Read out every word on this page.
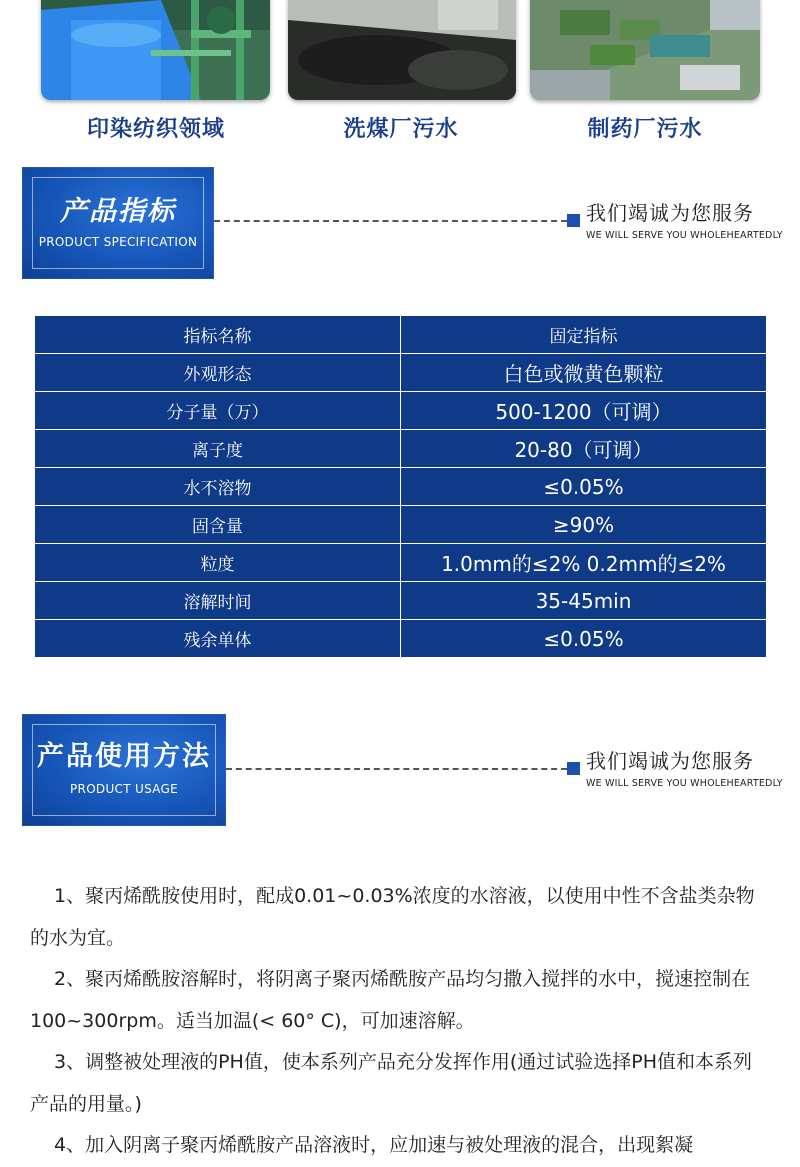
印染纺织领域	洗煤厂污水	制药厂污水
产品指标
PRODUCT SPECIFICATION
我们竭诚为您服务
WE WILL SERVE YOU WHOLEHEARTEDLY
指标名称	固定指标
外观形态	白色或微黄色颗粒
分子量（万）	500-1200（可调）
离子度	20-80（可调）
水不溶物	≤0.05%
固含量	≥90%
粒度	1.0mm的≤2% 0.2mm的≤2%
溶解时间	35-45min
残余单体	≤0.05%
产品使用方法
PRODUCT USAGE
我们竭诚为您服务
WE WILL SERVE YOU WHOLEHEARTEDLY

1、聚丙烯酰胺使用时，配成0.01~0.03%浓度的水溶液，以使用中性不含盐类杂物的水为宜。

2、聚丙烯酰胺溶解时，将阴离子聚丙烯酰胺产品均匀撒入搅拌的水中，搅速控制在100~300rpm。适当加温(< 60° C)，可加速溶解。

3、调整被处理液的PH值，使本系列产品充分发挥作用(通过试验选择PH值和本系列产品的用量。)

4、加入阴离子聚丙烯酰胺产品溶液时，应加速与被处理液的混合，出现絮凝
